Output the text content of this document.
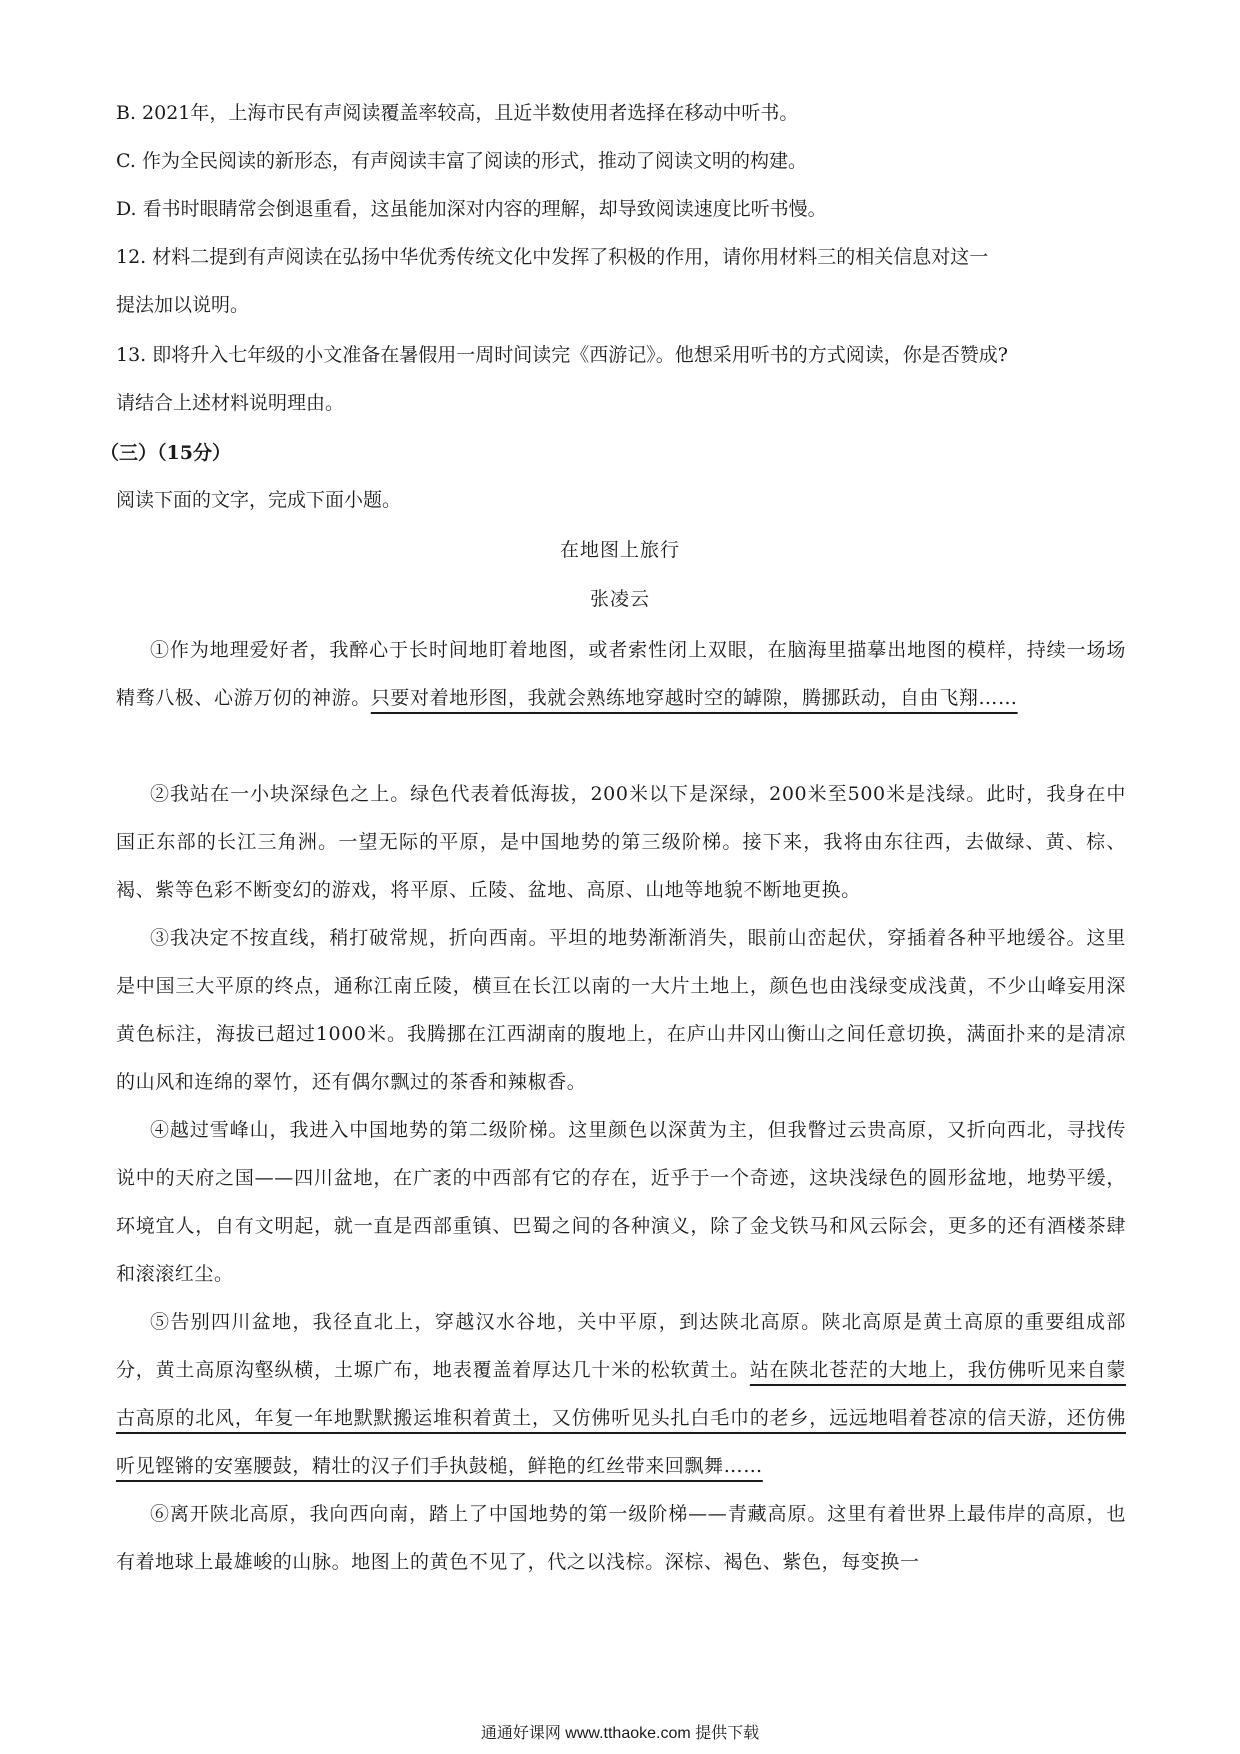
B. 2021年，上海市民有声阅读覆盖率较高，且近半数使用者选择在移动中听书。
C. 作为全民阅读的新形态，有声阅读丰富了阅读的形式，推动了阅读文明的构建。
D. 看书时眼睛常会倒退重看，这虽能加深对内容的理解，却导致阅读速度比听书慢。
12. 材料二提到有声阅读在弘扬中华优秀传统文化中发挥了积极的作用，请你用材料三的相关信息对这一
提法加以说明。
13. 即将升入七年级的小文准备在暑假用一周时间读完《西游记》。他想采用听书的方式阅读，你是否赞成?
请结合上述材料说明理由。
（三）（15分）
阅读下面的文字，完成下面小题。
在地图上旅行
张凌云
①作为地理爱好者，我醉心于长时间地盯着地图，或者索性闭上双眼，在脑海里描摹出地图的模样，持续一场场精骛八极、心游万仞的神游。只要对着地形图，我就会熟练地穿越时空的罅隙，腾挪跃动，自由飞翔……
②我站在一小块深绿色之上。绿色代表着低海拔，200米以下是深绿，200米至500米是浅绿。此时，我身在中国正东部的长江三角洲。一望无际的平原，是中国地势的第三级阶梯。接下来，我将由东往西，去做绿、黄、棕、褐、紫等色彩不断变幻的游戏，将平原、丘陵、盆地、高原、山地等地貌不断地更换。
③我决定不按直线，稍打破常规，折向西南。平坦的地势渐渐消失，眼前山峦起伏，穿插着各种平地缓谷。这里是中国三大平原的终点，通称江南丘陵，横亘在长江以南的一大片土地上，颜色也由浅绿变成浅黄，不少山峰妄用深黄色标注，海拔已超过1000米。我腾挪在江西湖南的腹地上，在庐山井冈山衡山之间任意切换，满面扑来的是清凉的山风和连绵的翠竹，还有偶尔飘过的茶香和辣椒香。
④越过雪峰山，我进入中国地势的第二级阶梯。这里颜色以深黄为主，但我瞥过云贵高原，又折向西北，寻找传说中的天府之国——四川盆地，在广袤的中西部有它的存在，近乎于一个奇迹，这块浅绿色的圆形盆地，地势平缓，环境宜人，自有文明起，就一直是西部重镇、巴蜀之间的各种演义，除了金戈铁马和风云际会，更多的还有酒楼茶肆和滚滚红尘。
⑤告别四川盆地，我径直北上，穿越汉水谷地，关中平原，到达陕北高原。陕北高原是黄土高原的重要组成部分，黄土高原沟壑纵横，土塬广布，地表覆盖着厚达几十米的松软黄土。站在陕北苍茫的大地上，我仿佛听见来自蒙古高原的北风，年复一年地默默搬运堆积着黄土，又仿佛听见头扎白毛巾的老乡，远远地唱着苍凉的信天游，还仿佛听见铿锵的安塞腰鼓，精壮的汉子们手执鼓槌，鲜艳的红丝带来回飘舞……
⑥离开陕北高原，我向西向南，踏上了中国地势的第一级阶梯——青藏高原。这里有着世界上最伟岸的高原，也有着地球上最雄峻的山脉。地图上的黄色不见了，代之以浅棕。深棕、褐色、紫色，每变换一
通通好课网 www.tthaoke.com 提供下载
